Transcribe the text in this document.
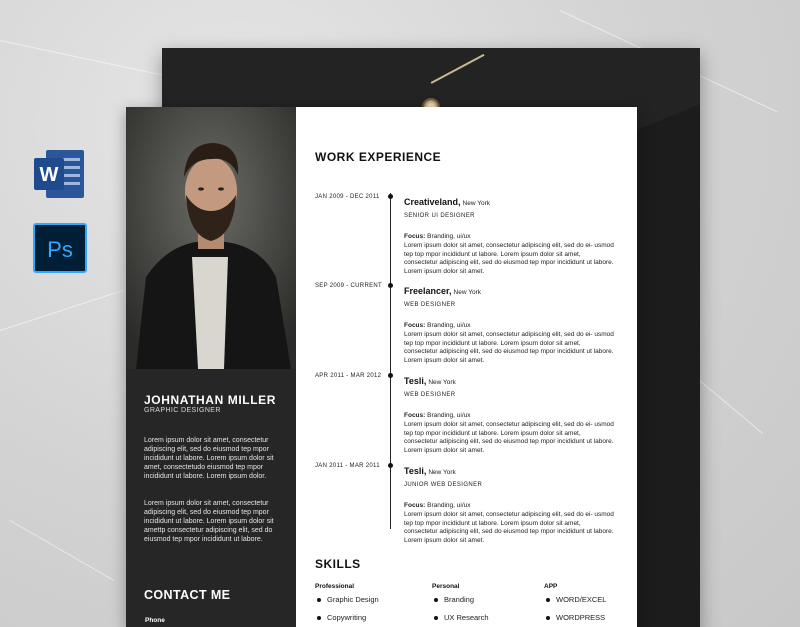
W
Ps
JOHNATHAN MILLER
GRAPHIC DESIGNER
Lorem ipsum dolor sit amet, consectetur adipiscing elit, sed do eiusmod tep mpor incididunt ut labore. Lorem ipsum dolor sit amet, consectetudo eiusmod tep mpor incididunt ut labore. Lorem ipsum dolor.
Lorem ipsum dolor sit amet, consectetur adipiscing elit, sed do eiusmod tep mpor incididunt ut labore. Lorem ipsum dolor sit amettp consectetur adipiscing elit, sed do eiusmod tep mpor incididunt ut labore.
CONTACT ME
Phone
WORK EXPERIENCE
JAN 2009 - DEC 2011	Creativeland, New York
SENIOR UI DESIGNER
Focus: Branding, ui/ux
Lorem ipsum dolor sit amet, consectetur adipiscing elit, sed do ei- usmod tep top mpor incididunt ut labore. Lorem ipsum dolor sit amet, consectetur adipiscing elit, sed do eiusmod tep mpor incididunt ut labore. Lorem ipsum dolor sit amet.
SEP 2009 - CURRENT Freelancer, New York
WEB DESIGNER
Focus: Branding, ui/ux
Lorem ipsum dolor sit amet, consectetur adipiscing elit, sed do ei- usmod tep top mpor incididunt ut labore. Lorem ipsum dolor sit amet, consectetur adipiscing elit, sed do eiusmod tep mpor incididunt ut labore. Lorem ipsum dolor sit amet.
APR 2011 - MAR 2012	Tesli, New York
WEB DESIGNER
Focus: Branding, ui/ux
Lorem ipsum dolor sit amet, consectetur adipiscing elit, sed do ei- usmod tep top mpor incididunt ut labore. Lorem ipsum dolor sit amet, consectetur adipiscing elit, sed do eiusmod tep mpor incididunt ut labore. Lorem ipsum dolor sit amet.
JAN 2011 - MAR 2011	Tesli, New York
JUNIOR WEB DESIGNER
Focus: Branding, ui/ux
Lorem ipsum dolor sit amet, consectetur adipiscing elit, sed do ei- usmod tep top mpor incididunt ut labore. Lorem ipsum dolor sit amet, consectetur adipiscing elit, sed do eiusmod tep mpor incididunt ut labore. Lorem ipsum dolor sit amet.
SKILLS
Professional
Graphic Design
Copywriting
Personal
Branding
UX Research
APP
WORD/EXCEL
WORDPRESS
